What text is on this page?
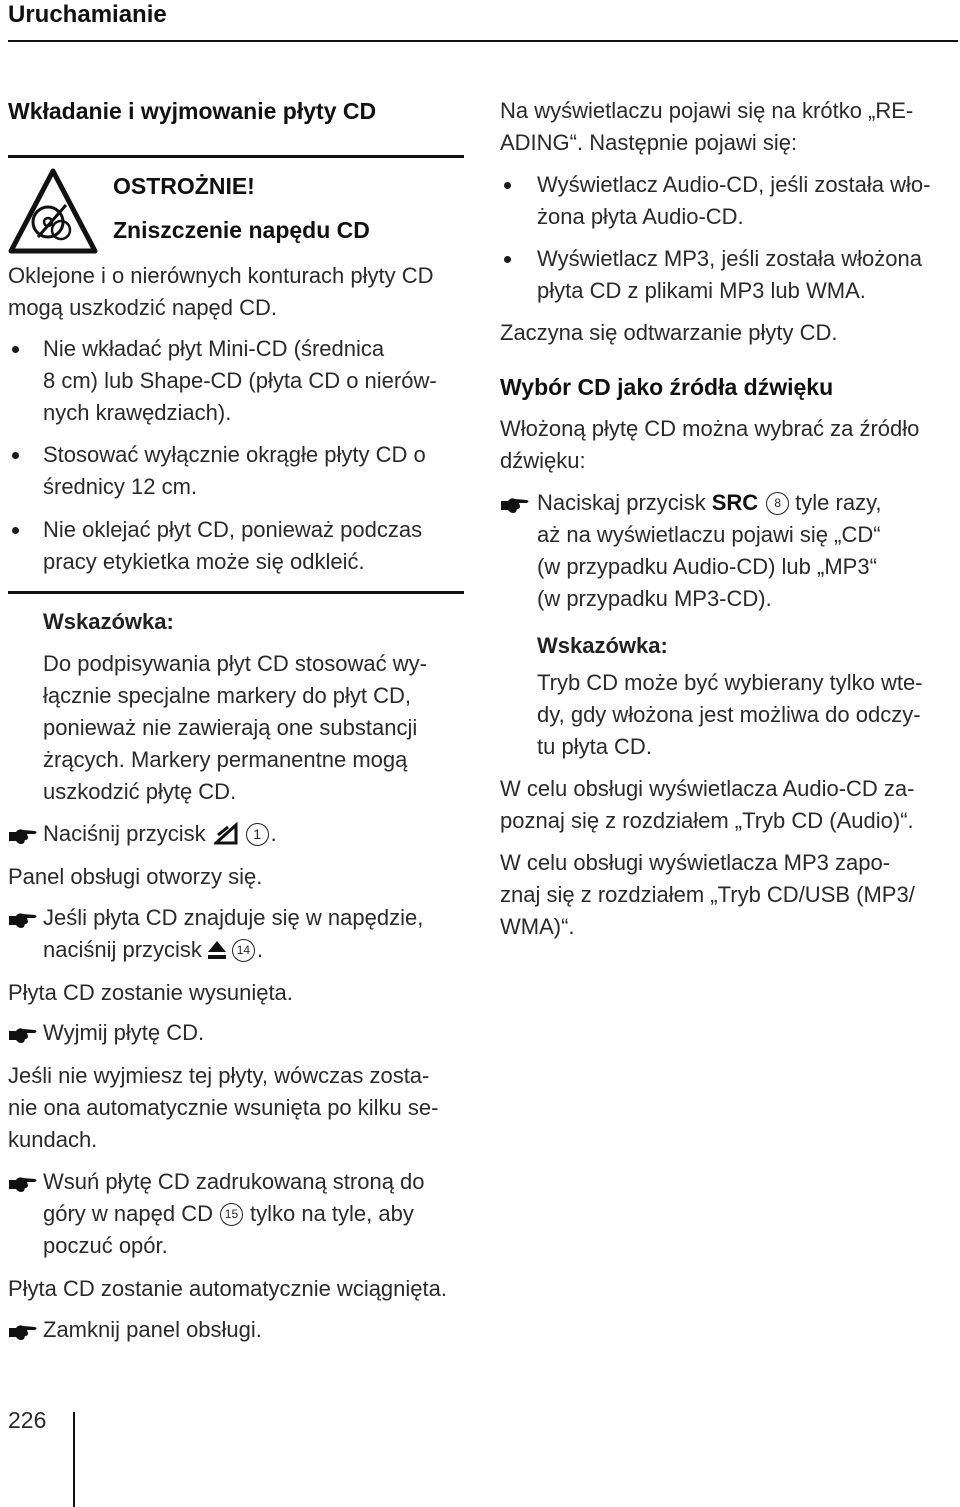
Uruchamianie
Wkładanie i wyjmowanie płyty CD
OSTROŻNIE!
Zniszczenie napędu CD

Oklejone i o nierównych konturach płyty CD

mogą uszkodzić napęd CD.

Nie wkładać płyt Mini-CD (średnica

8 cm) lub Shape-CD (płyta CD o nierów-

nych krawędziach).

Stosować wyłącznie okrągłe płyty CD o

średnicy 12 cm.

Nie oklejać płyt CD, ponieważ podczas

pracy etykietka może się odkleić.

Wskazówka:

Do podpisywania płyt CD stosować wy-

łącznie specjalne markery do płyt CD,

ponieważ nie zawierają one substancji

żrących. Markery permanentne mogą

uszkodzić płytę CD.

Naciśnij przycisk	1 .

Panel obsługi otworzy się.

Jeśli płyta CD znajduje się w napędzie,

naciśnij przycisk	14 .

Płyta CD zostanie wysunięta.

Wyjmij płytę CD.

Jeśli nie wyjmiesz tej płyty, wówczas zosta-

nie ona automatycznie wsunięta po kilku se-

kundach.

Wsuń płytę CD zadrukowaną stroną do

góry w napęd CD 15 tylko na tyle, aby

poczuć opór.

Płyta CD zostanie automatycznie wciągnięta.

Zamknij panel obsługi.

Na wyświetlaczu pojawi się na krótko „RE-

ADING“. Następnie pojawi się:

Wyświetlacz Audio-CD, jeśli została wło-

żona płyta Audio-CD.

Wyświetlacz MP3, jeśli została włożona

płyta CD z plikami MP3 lub WMA.

Zaczyna się odtwarzanie płyty CD.

Wybór CD jako źródła dźwięku

Włożoną płytę CD można wybrać za źródło

dźwięku:

Naciskaj przycisk SRC	8 tyle razy,

aż na wyświetlaczu pojawi się „CD“

(w przypadku Audio-CD) lub „MP3“

(w przypadku MP3-CD).

Wskazówka:

Tryb CD może być wybierany tylko wte-

dy, gdy włożona jest możliwa do odczy-

tu płyta CD.

W celu obsługi wyświetlacza Audio-CD za-

poznaj się z rozdziałem „Tryb CD (Audio)“.

W celu obsługi wyświetlacza MP3 zapo-

znaj się z rozdziałem „Tryb CD/USB (MP3/

WMA)“.

226
